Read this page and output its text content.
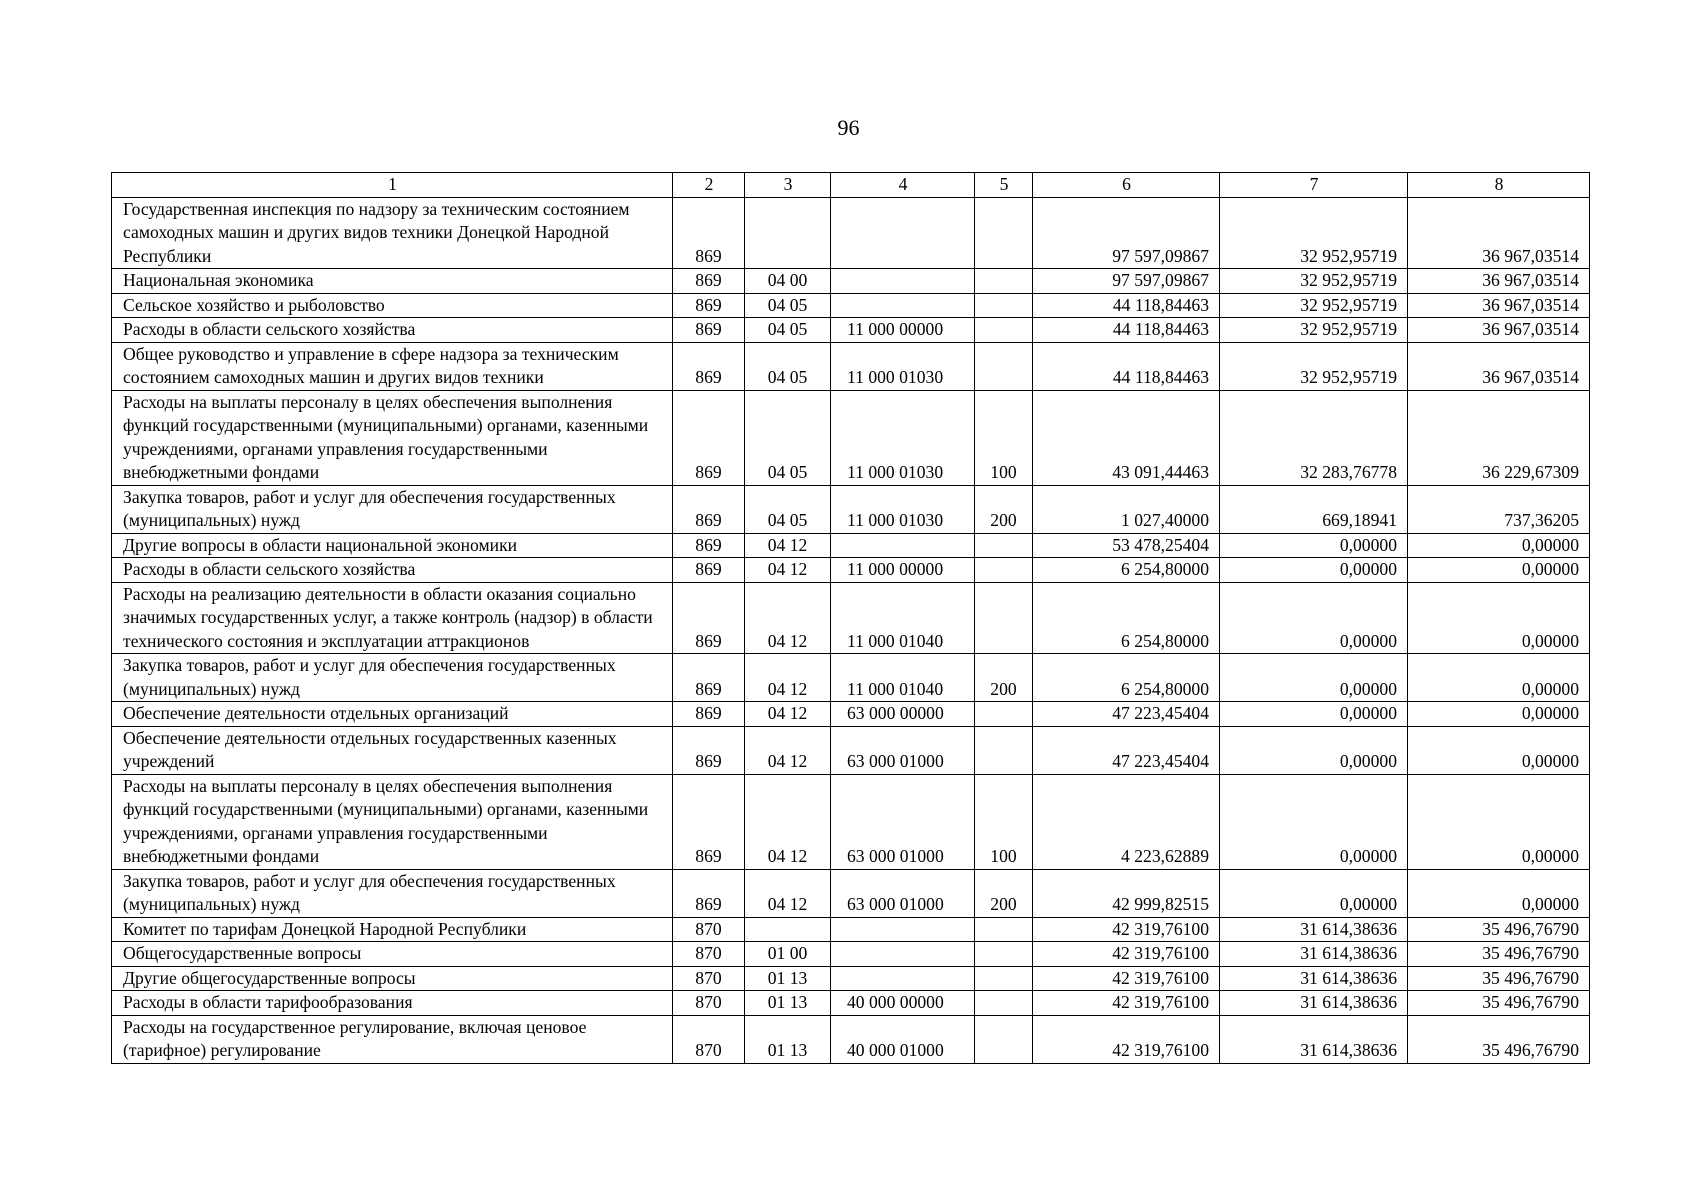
96
1	2	3	4	5	6	7	8
Государственная инспекция по надзору за техническим состоянием самоходных машин и других видов техники Донецкой Народной Республики	869				97 597,09867	32 952,95719	36 967,03514
Национальная экономика	869	04 00			97 597,09867	32 952,95719	36 967,03514
Сельское хозяйство и рыболовство	869	04 05			44 118,84463	32 952,95719	36 967,03514
Расходы в области сельского хозяйства	869	04 05	11 000 00000		44 118,84463	32 952,95719	36 967,03514
Общее руководство и управление в сфере надзора за техническим состоянием самоходных машин и других видов техники	869	04 05	11 000 01030		44 118,84463	32 952,95719	36 967,03514
Расходы на выплаты персоналу в целях обеспечения выполнения функций государственными (муниципальными) органами, казенными учреждениями, органами управления государственными внебюджетными фондами	869	04 05	11 000 01030	100	43 091,44463	32 283,76778	36 229,67309
Закупка товаров, работ и услуг для обеспечения государственных (муниципальных) нужд	869	04 05	11 000 01030	200	1 027,40000	669,18941	737,36205
Другие вопросы в области национальной экономики	869	04 12			53 478,25404	0,00000	0,00000
Расходы в области сельского хозяйства	869	04 12	11 000 00000		6 254,80000	0,00000	0,00000
Расходы на реализацию деятельности в области оказания социально значимых государственных услуг, а также контроль (надзор) в области технического состояния и эксплуатации аттракционов	869	04 12	11 000 01040		6 254,80000	0,00000	0,00000
Закупка товаров, работ и услуг для обеспечения государственных (муниципальных) нужд	869	04 12	11 000 01040	200	6 254,80000	0,00000	0,00000
Обеспечение деятельности отдельных организаций	869	04 12	63 000 00000		47 223,45404	0,00000	0,00000
Обеспечение деятельности отдельных государственных казенных учреждений	869	04 12	63 000 01000		47 223,45404	0,00000	0,00000
Расходы на выплаты персоналу в целях обеспечения выполнения функций государственными (муниципальными) органами, казенными учреждениями, органами управления государственными внебюджетными фондами	869	04 12	63 000 01000	100	4 223,62889	0,00000	0,00000
Закупка товаров, работ и услуг для обеспечения государственных (муниципальных) нужд	869	04 12	63 000 01000	200	42 999,82515	0,00000	0,00000
Комитет по тарифам Донецкой Народной Республики	870				42 319,76100	31 614,38636	35 496,76790
Общегосударственные вопросы	870	01 00			42 319,76100	31 614,38636	35 496,76790
Другие общегосударственные вопросы	870	01 13			42 319,76100	31 614,38636	35 496,76790
Расходы в области тарифообразования	870	01 13	40 000 00000		42 319,76100	31 614,38636	35 496,76790
Расходы на государственное регулирование, включая ценовое (тарифное) регулирование	870	01 13	40 000 01000		42 319,76100	31 614,38636	35 496,76790
